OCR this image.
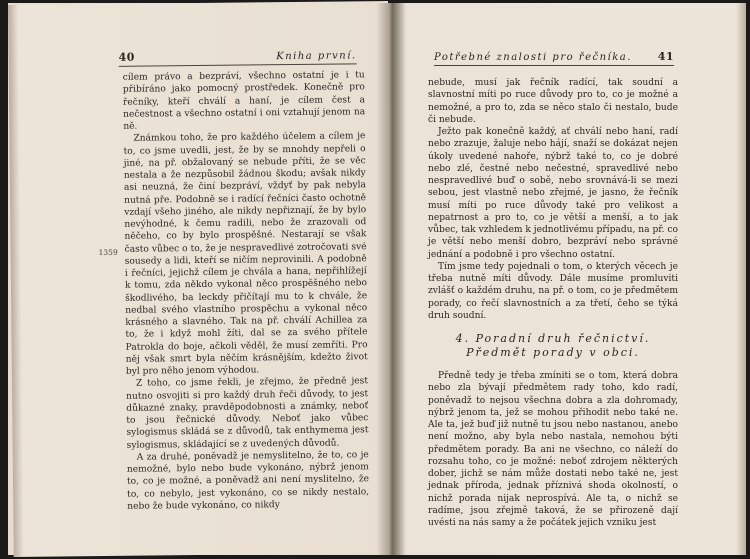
40	Kniha první.
1359

cílem právo a bezpráví, všechno ostatní je i tu přibíráno jako pomocný prostředek. Konečně pro řečníky, kteří chválí a haní, je cílem čest a nečestnost a všechno ostatní i oni vztahují jenom na ně.

Známkou toho, že pro každého účelem a cílem je to, co jsme uvedli, jest, že by se mnohdy nepřeli o jiné, na př. obžalovaný se nebude příti, že se věc nestala a že nezpůsobil žádnou škodu; avšak nikdy asi neuzná, že činí bezpráví, vždyť by pak nebyla nutná pře. Podobně se i radící řečníci často ochotně vzdají všeho jiného, ale nikdy nepřiznají, že by bylo nevýhodné, k čemu radili, nebo že zrazovali od něčeho, co by bylo prospěšné. Nestarají se však často vůbec o to, že je nespravedlivé zotročovati své sousedy a lidi, kteří se ničím neprovinili. A podobně i řečníci, jejichž cílem je chvála a hana, nepřihlížejí k tomu, zda někdo vykonal něco prospěšného nebo škodlivého, ba leckdy přičítají mu to k chvále, že nedbal svého vlastního prospěchu a vykonal něco krásného a slavného. Tak na př. chválí Achillea za to, že i když mohl žíti, dal se za svého přítele Patrokla do boje, ačkoli věděl, že musí zemříti. Pro něj však smrt byla něčím krásnějším, kdežto život byl pro něho jenom výhodou.

Z toho, co jsme řekli, je zřejmo, že předně jest nutno osvojiti si pro každý druh řeči důvody, to jest důkazné znaky, pravděpodobnosti a známky, neboť to jsou řečnické důvody. Neboť jako vůbec sylogismus skládá se z důvodů, tak enthymema jest sylogismus, skládající se z uvedených důvodů.

A za druhé, poněvadž je nemyslitelno, že to, co je nemožné, bylo nebo bude vykonáno, nýbrž jenom to, co je možné, a poněvadž ani není myslitelno, že to, co nebylo, jest vykonáno, co se nikdy nestalo, nebo že bude vykonáno, co nikdy

Potřebné znalosti pro řečníka. 41

nebude, musí jak řečník radící, tak soudní a slavnostní míti po ruce důvody pro to, co je možné a nemožné, a pro to, zda se něco stalo či nestalo, bude či nebude.

Ježto pak konečně každý, ať chválí nebo haní, radí nebo zrazuje, žaluje nebo hájí, snaží se dokázat nejen úkoly uvedené nahoře, nýbrž také to, co je dobré nebo zlé, čestné nebo nečestné, spravedlivé nebo nespravedlivé buď o sobě, nebo srovnává-li se mezi sebou, jest vlastně nebo zřejmé, je jasno, že řečník musí míti po ruce důvody také pro velikost a nepatrnost a pro to, co je větší a menší, a to jak vůbec, tak vzhledem k jednotlivému případu, na př. co je větší nebo menší dobro, bezpráví nebo správné jednání a podobně i pro všechno ostatní.

Tím jsme tedy pojednali o tom, o kterých věcech je třeba nutně míti důvody. Dále musíme promluviti zvlášť o každém druhu, na př. o tom, co je předmětem porady, co řečí slavnostních a za třetí, čeho se týká druh soudní.

4. Poradní druh řečnictví. Předmět porady v obci.

Předně tedy je třeba zmíniti se o tom, která dobra nebo zla bývají předmětem rady toho, kdo radí, poněvadž to nejsou všechna dobra a zla dohromady, nýbrž jenom ta, jež se mohou přihodit nebo také ne. Ale ta, jež buď již nutně tu jsou nebo nastanou, anebo není možno, aby byla nebo nastala, nemohou býti předmětem porady. Ba ani ne všechno, co náleží do rozsahu toho, co je možné: neboť zdrojem některých dober, jichž se nám může dostati nebo také ne, jest jednak příroda, jednak příznivá shoda okolností, o nichž porada nijak neprospívá. Ale ta, o nichž se radíme, jsou zřejmě taková, že se přirozeně dají uvésti na nás samy a že počátek jejich vzniku jest
